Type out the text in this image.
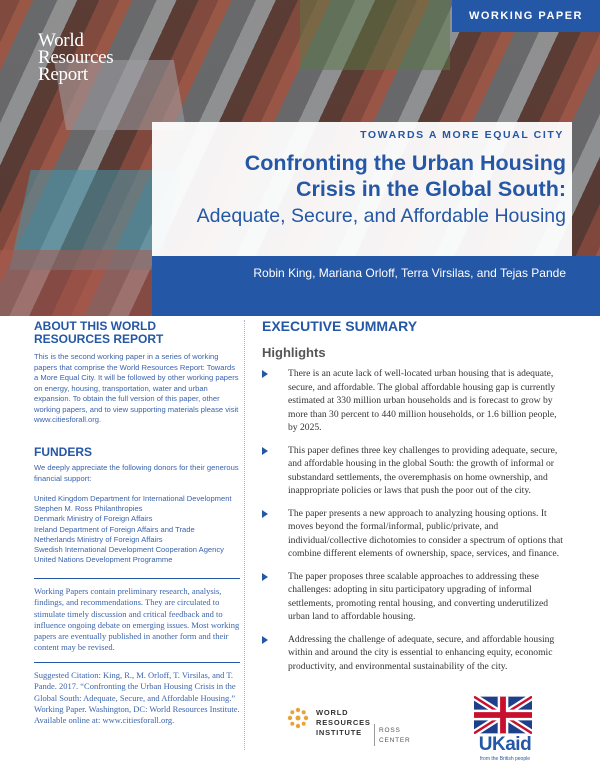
World
Resources
Report
WORKING PAPER
TOWARDS A MORE EQUAL CITY
Confronting the Urban Housing
Crisis in the Global South:
Adequate, Secure, and Affordable Housing
Robin King, Mariana Orloff, Terra Virsilas, and Tejas Pande
ABOUT THIS WORLD
RESOURCES REPORT
This is the second working paper in a series of working papers that comprise the World Resources Report: Towards a More Equal City. It will be followed by other working papers on energy, housing, transportation, water and urban expansion. To obtain the full version of this paper, other working papers, and to view supporting materials please visit www.citiesforall.org.
FUNDERS
We deeply appreciate the following donors for their generous financial support:
United Kingdom Department for International Development
Stephen M. Ross Philanthropies
Denmark Ministry of Foreign Affairs
Ireland Department of Foreign Affairs and Trade
Netherlands Ministry of Foreign Affairs
Swedish International Development Cooperation Agency
United Nations Development Programme
Working Papers contain preliminary research, analysis, findings, and recommendations. They are circulated to stimulate timely discussion and critical feedback and to influence ongoing debate on emerging issues. Most working papers are eventually published in another form and their content may be revised.
Suggested Citation: King, R., M. Orloff, T. Virsilas, and T. Pande. 2017. “Confronting the Urban Housing Crisis in the Global South: Adequate, Secure, and Affordable Housing.” Working Paper. Washington, DC: World Resources Institute. Available online at: www.citiesforall.org.
EXECUTIVE SUMMARY
Highlights
There is an acute lack of well-located urban housing that is adequate, secure, and affordable. The global affordable housing gap is currently estimated at 330 million urban households and is forecast to grow by more than 30 percent to 440 million households, or 1.6 billion people, by 2025.
This paper defines three key challenges to providing adequate, secure, and affordable housing in the global South: the growth of informal or substandard settlements, the overemphasis on home ownership, and inappropriate policies or laws that push the poor out of the city.
The paper presents a new approach to analyzing housing options. It moves beyond the formal/informal, public/private, and individual/collective dichotomies to consider a spectrum of options that combine different elements of ownership, space, services, and finance.
The paper proposes three scalable approaches to addressing these challenges: adopting in situ participatory upgrading of informal settlements, promoting rental housing, and converting underutilized urban land to affordable housing.
Addressing the challenge of adequate, secure, and affordable housing within and around the city is essential to enhancing equity, economic productivity, and environmental sustainability of the city.
WORLD
RESOURCES
INSTITUTE	ROSS
CENTER	UKaid
from the British people
